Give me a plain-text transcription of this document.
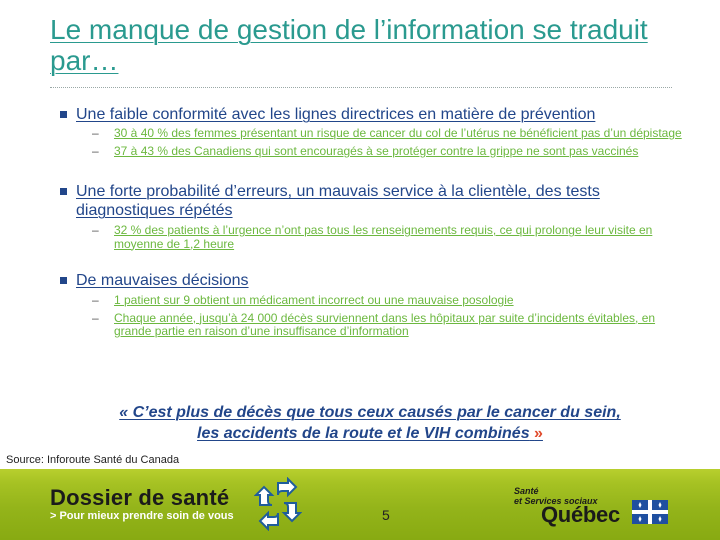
Le manque de gestion de l’information se traduit par…
Une faible conformité avec les lignes directrices en matière de prévention
– 30 à 40 % des femmes présentant un risque de cancer du col de l’utérus ne bénéficient pas d’un dépistage
– 37 à 43 % des Canadiens qui sont encouragés à se protéger contre la grippe ne sont pas vaccinés
Une forte probabilité d’erreurs, un mauvais service à la clientèle, des tests diagnostiques répétés
– 32 % des patients à l’urgence n’ont pas tous les renseignements requis, ce qui prolonge leur visite en moyenne de 1,2 heure
De mauvaises décisions
– 1 patient sur 9 obtient un médicament incorrect ou une mauvaise posologie
– Chaque année, jusqu’à 24 000 décès surviennent dans les hôpitaux par suite d’incidents évitables, en grande partie en raison d’une insuffisance d’information
« C’est plus de décès que tous ceux causés par le cancer du sein,
les accidents de la route et le VIH combinés »
Source: Inforoute Santé du Canada
Dossier de santé
> Pour mieux prendre soin de vous	5
Santé
et Services sociaux
Québec
